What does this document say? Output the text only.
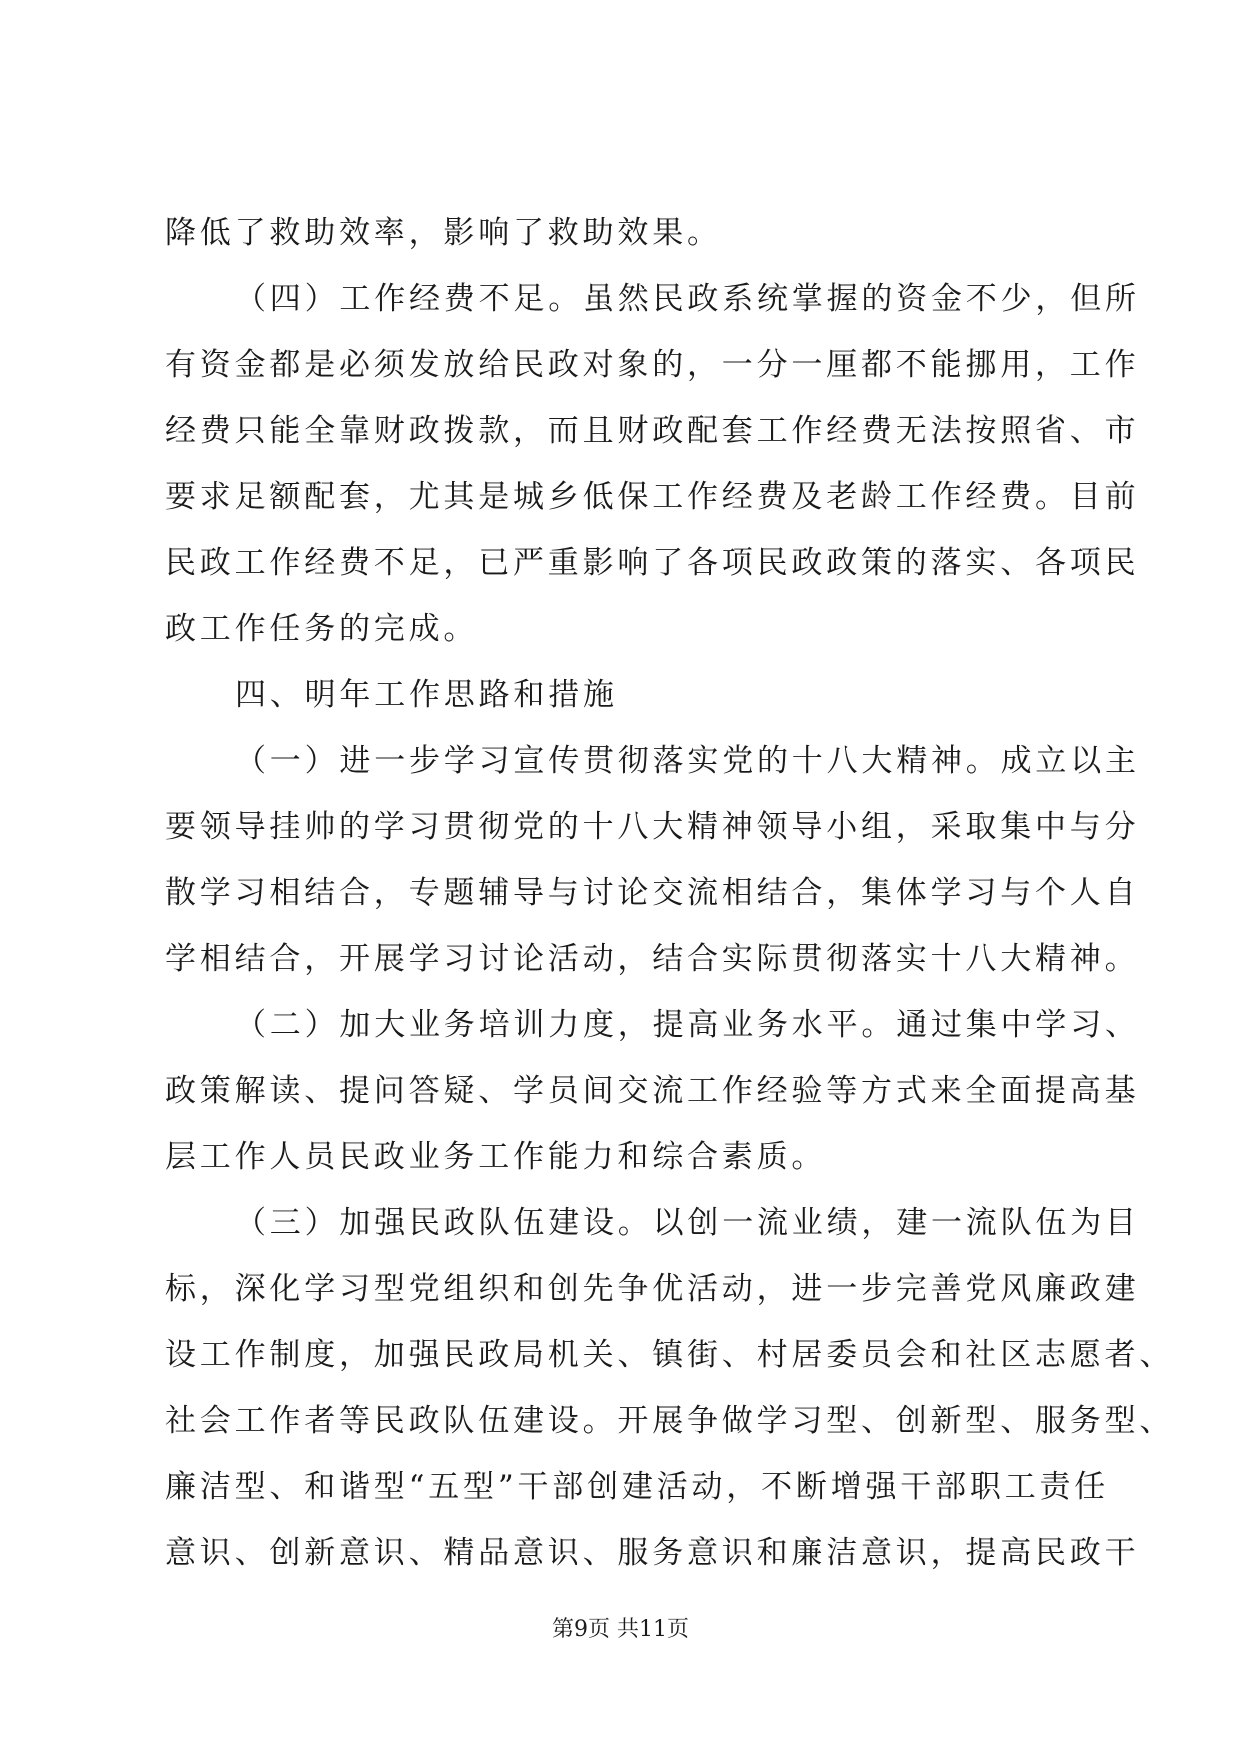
降低了救助效率，影响了救助效果。
（四）工作经费不足。虽然民政系统掌握的资金不少，但所
有资金都是必须发放给民政对象的，一分一厘都不能挪用，工作
经费只能全靠财政拨款，而且财政配套工作经费无法按照省、市
要求足额配套，尤其是城乡低保工作经费及老龄工作经费。目前
民政工作经费不足，已严重影响了各项民政政策的落实、各项民
政工作任务的完成。
四、明年工作思路和措施
（一）进一步学习宣传贯彻落实党的十八大精神。成立以主
要领导挂帅的学习贯彻党的十八大精神领导小组，采取集中与分
散学习相结合，专题辅导与讨论交流相结合，集体学习与个人自
学相结合，开展学习讨论活动，结合实际贯彻落实十八大精神。
（二）加大业务培训力度，提高业务水平。通过集中学习、
政策解读、提问答疑、学员间交流工作经验等方式来全面提高基
层工作人员民政业务工作能力和综合素质。
（三）加强民政队伍建设。以创一流业绩，建一流队伍为目
标，深化学习型党组织和创先争优活动，进一步完善党风廉政建
设工作制度，加强民政局机关、镇街、村居委员会和社区志愿者、
社会工作者等民政队伍建设。开展争做学习型、创新型、服务型、
廉洁型、和谐型“五型”干部创建活动，不断增强干部职工责任
意识、创新意识、精品意识、服务意识和廉洁意识，提高民政干
第9页 共11页
